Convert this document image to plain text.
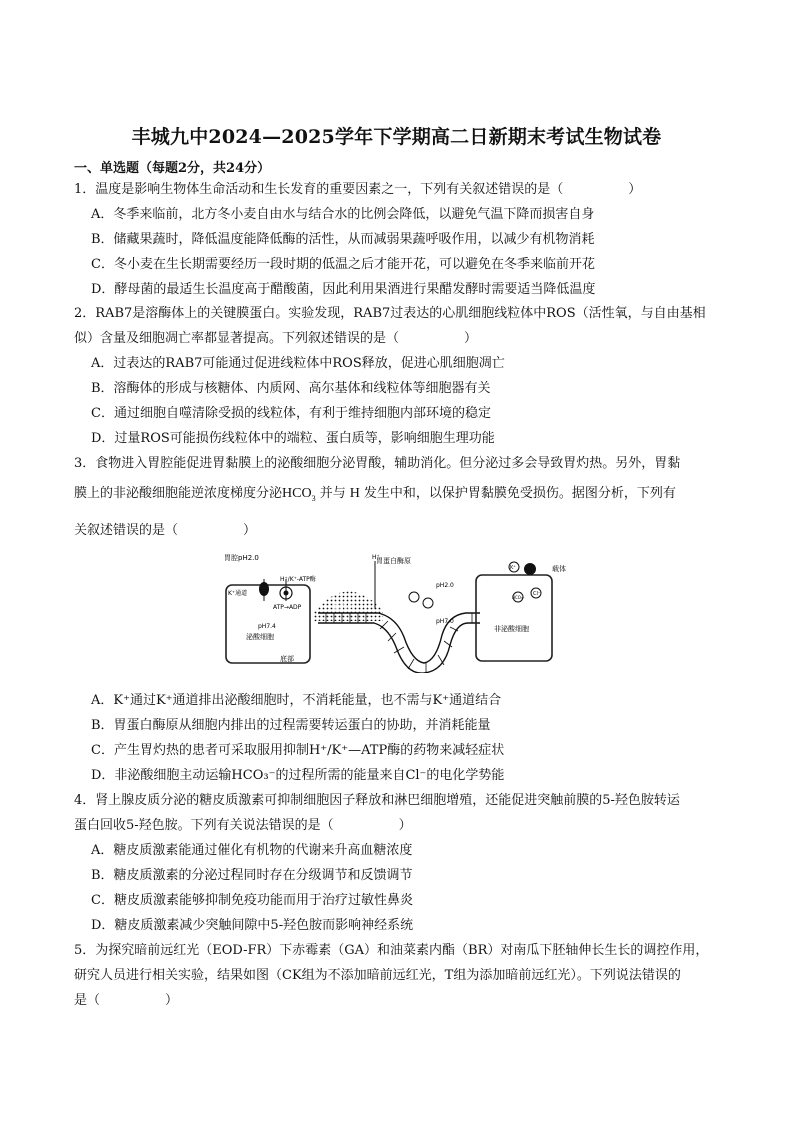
丰城九中2024—2025学年下学期高二日新期末考试生物试卷
一、单选题（每题2分，共24分）
1．温度是影响生物体生命活动和生长发育的重要因素之一，下列有关叙述错误的是（　　　　　）
A．冬季来临前，北方冬小麦自由水与结合水的比例会降低，以避免气温下降而损害自身
B．储藏果蔬时，降低温度能降低酶的活性，从而减弱果蔬呼吸作用，以减少有机物消耗
C．冬小麦在生长期需要经历一段时期的低温之后才能开花，可以避免在冬季来临前开花
D．酵母菌的最适生长温度高于醋酸菌，因此利用果酒进行果醋发酵时需要适当降低温度
2．RAB7是溶酶体上的关键膜蛋白。实验发现，RAB7过表达的心肌细胞线粒体中ROS（活性氧，与自由基相
似）含量及细胞凋亡率都显著提高。下列叙述错误的是（　　　　　）
A．过表达的RAB7可能通过促进线粒体中ROS释放，促进心肌细胞凋亡
B．溶酶体的形成与核糖体、内质网、高尔基体和线粒体等细胞器有关
C．通过细胞自噬清除受损的线粒体，有利于维持细胞内部环境的稳定
D．过量ROS可能损伤线粒体中的端粒、蛋白质等，影响细胞生理功能
3．食物进入胃腔能促进胃黏膜上的泌酸细胞分泌胃酸，辅助消化。但分泌过多会导致胃灼热。另外，胃黏
膜上的非泌酸细胞能逆浓度梯度分泌$HCO_3$ 并与 H 发生中和，以保护胃黏膜免受损伤。据图分析，下列有
关叙述错误的是（　　　　　）
胃腔pH2.0
H⁺/K⁺-ATP酶
K⁺通道
ATP→ADP
pH7.4
泌酸细胞
底部
黏液层
胃蛋白酶原
H⁺
pH2.0
pH7.0
非泌酸细胞
载体
K⁺
Cl⁻
HCO₃⁻
A．K⁺通过K⁺通道排出泌酸细胞时，不消耗能量，也不需与K⁺通道结合
B．胃蛋白酶原从细胞内排出的过程需要转运蛋白的协助，并消耗能量
C．产生胃灼热的患者可采取服用抑制H⁺/K⁺—ATP酶的药物来减轻症状
D．非泌酸细胞主动运输HCO₃⁻的过程所需的能量来自Cl⁻的电化学势能
4．肾上腺皮质分泌的糖皮质激素可抑制细胞因子释放和淋巴细胞增殖，还能促进突触前膜的5-羟色胺转运
蛋白回收5-羟色胺。下列有关说法错误的是（　　　　　）
A．糖皮质激素能通过催化有机物的代谢来升高血糖浓度
B．糖皮质激素的分泌过程同时存在分级调节和反馈调节
C．糖皮质激素能够抑制免疫功能而用于治疗过敏性鼻炎
D．糖皮质激素减少突触间隙中5-羟色胺而影响神经系统
5．为探究暗前远红光（EOD-FR）下赤霉素（GA）和油菜素内酯（BR）对南瓜下胚轴伸长生长的调控作用，
研究人员进行相关实验，结果如图（CK组为不添加暗前远红光，T组为添加暗前远红光）。下列说法错误的
是（　　　　　）
